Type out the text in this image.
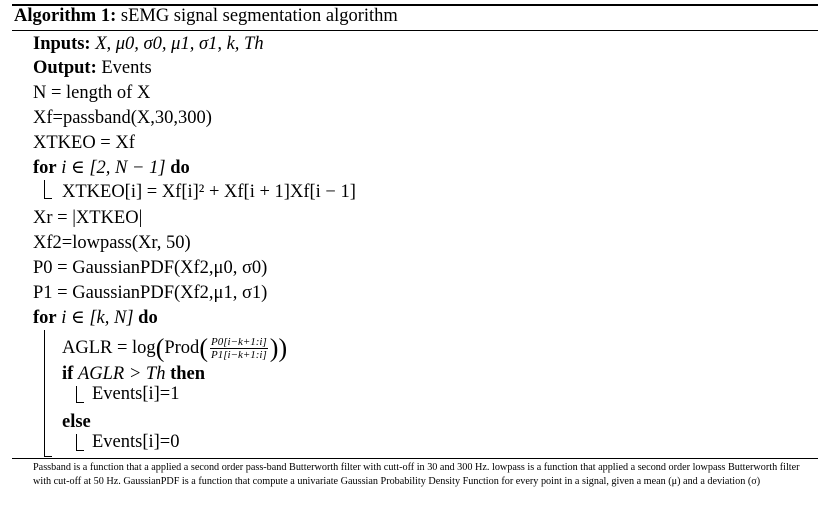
Algorithm 1: sEMG signal segmentation algorithm
Inputs: X, μ0, σ0, μ1, σ1, k, Th
Output: Events
N = length of X
Xf=passband(X,30,300)
XTKEO = Xf
for i ∈ [2, N − 1] do
XTKEO[i] = Xf[i]² + Xf[i + 1]Xf[i − 1]
Xr = |XTKEO|
Xf2=lowpass(Xr, 50)
P0 = GaussianPDF(Xf2,μ0, σ0)
P1 = GaussianPDF(Xf2,μ1, σ1)
for i ∈ [k, N] do
AGLR = log(Prod( $\frac{P0[i-k+1:i]}{P1[i-k+1:i]}$ ))
if AGLR > Th then
Events[i]=1
else
Events[i]=0
Passband is a function that a applied a second order pass-band Butterworth filter with cutt-off in 30 and 300 Hz. lowpass is a function that applied a second order lowpass Butterworth filter with cut-off at 50 Hz. GaussianPDF is a function that compute a univariate Gaussian Probability Density Function for every point in a signal, given a mean (μ) and a deviation (σ)
